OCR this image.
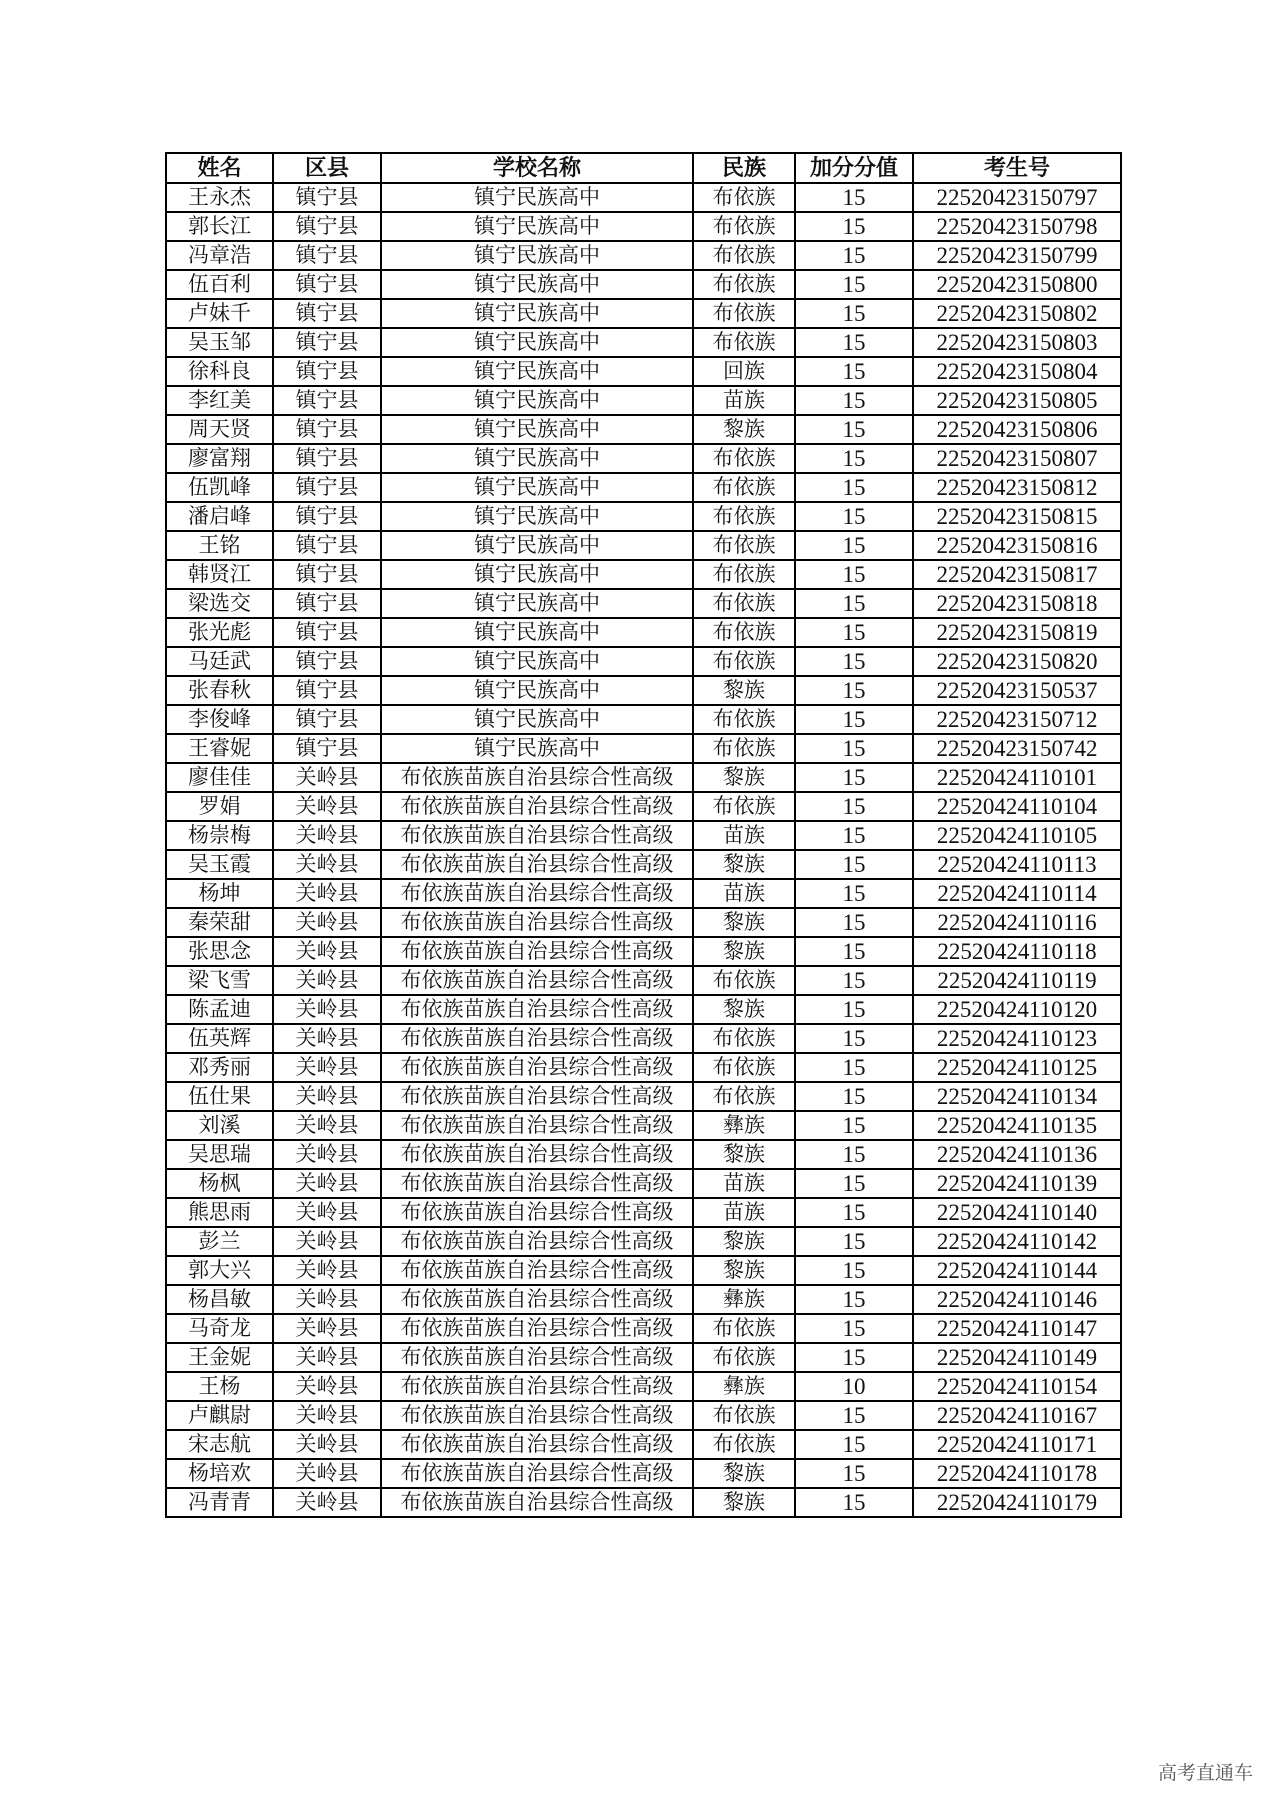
姓名	区县	学校名称	民族	加分分值	考生号
王永杰	镇宁县	镇宁民族高中	布依族	15	22520423150797
郭长江	镇宁县	镇宁民族高中	布依族	15	22520423150798
冯章浩	镇宁县	镇宁民族高中	布依族	15	22520423150799
伍百利	镇宁县	镇宁民族高中	布依族	15	22520423150800
卢妹千	镇宁县	镇宁民族高中	布依族	15	22520423150802
吴玉邹	镇宁县	镇宁民族高中	布依族	15	22520423150803
徐科良	镇宁县	镇宁民族高中	回族	15	22520423150804
李红美	镇宁县	镇宁民族高中	苗族	15	22520423150805
周天贤	镇宁县	镇宁民族高中	黎族	15	22520423150806
廖富翔	镇宁县	镇宁民族高中	布依族	15	22520423150807
伍凯峰	镇宁县	镇宁民族高中	布依族	15	22520423150812
潘启峰	镇宁县	镇宁民族高中	布依族	15	22520423150815
王铭	镇宁县	镇宁民族高中	布依族	15	22520423150816
韩贤江	镇宁县	镇宁民族高中	布依族	15	22520423150817
梁选交	镇宁县	镇宁民族高中	布依族	15	22520423150818
张光彪	镇宁县	镇宁民族高中	布依族	15	22520423150819
马廷武	镇宁县	镇宁民族高中	布依族	15	22520423150820
张春秋	镇宁县	镇宁民族高中	黎族	15	22520423150537
李俊峰	镇宁县	镇宁民族高中	布依族	15	22520423150712
王睿妮	镇宁县	镇宁民族高中	布依族	15	22520423150742
廖佳佳	关岭县	布依族苗族自治县综合性高级	黎族	15	22520424110101
罗娟	关岭县	布依族苗族自治县综合性高级	布依族	15	22520424110104
杨崇梅	关岭县	布依族苗族自治县综合性高级	苗族	15	22520424110105
吴玉霞	关岭县	布依族苗族自治县综合性高级	黎族	15	22520424110113
杨坤	关岭县	布依族苗族自治县综合性高级	苗族	15	22520424110114
秦荣甜	关岭县	布依族苗族自治县综合性高级	黎族	15	22520424110116
张思念	关岭县	布依族苗族自治县综合性高级	黎族	15	22520424110118
梁飞雪	关岭县	布依族苗族自治县综合性高级	布依族	15	22520424110119
陈孟迪	关岭县	布依族苗族自治县综合性高级	黎族	15	22520424110120
伍英辉	关岭县	布依族苗族自治县综合性高级	布依族	15	22520424110123
邓秀丽	关岭县	布依族苗族自治县综合性高级	布依族	15	22520424110125
伍仕果	关岭县	布依族苗族自治县综合性高级	布依族	15	22520424110134
刘溪	关岭县	布依族苗族自治县综合性高级	彝族	15	22520424110135
吴思瑞	关岭县	布依族苗族自治县综合性高级	黎族	15	22520424110136
杨枫	关岭县	布依族苗族自治县综合性高级	苗族	15	22520424110139
熊思雨	关岭县	布依族苗族自治县综合性高级	苗族	15	22520424110140
彭兰	关岭县	布依族苗族自治县综合性高级	黎族	15	22520424110142
郭大兴	关岭县	布依族苗族自治县综合性高级	黎族	15	22520424110144
杨昌敏	关岭县	布依族苗族自治县综合性高级	彝族	15	22520424110146
马奇龙	关岭县	布依族苗族自治县综合性高级	布依族	15	22520424110147
王金妮	关岭县	布依族苗族自治县综合性高级	布依族	15	22520424110149
王杨	关岭县	布依族苗族自治县综合性高级	彝族	10	22520424110154
卢麒尉	关岭县	布依族苗族自治县综合性高级	布依族	15	22520424110167
宋志航	关岭县	布依族苗族自治县综合性高级	布依族	15	22520424110171
杨培欢	关岭县	布依族苗族自治县综合性高级	黎族	15	22520424110178
冯青青	关岭县	布依族苗族自治县综合性高级	黎族	15	22520424110179
高考直通车
